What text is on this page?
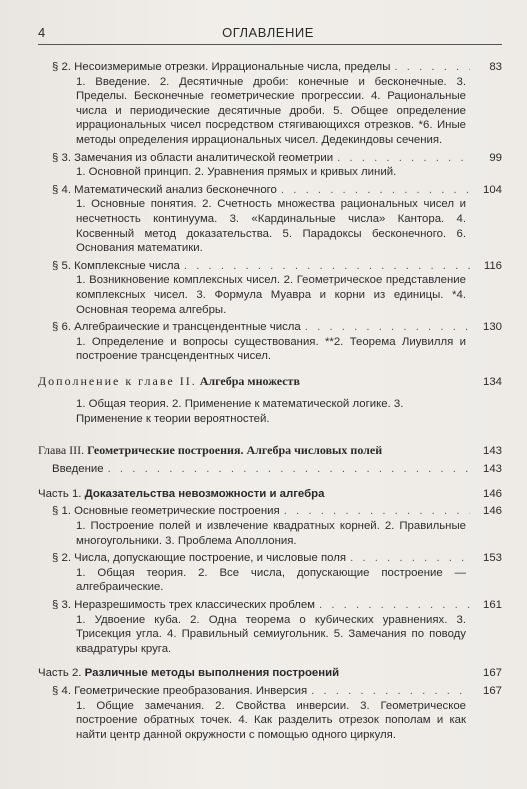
4	ОГЛАВЛЕНИЕ
§ 2. Несоизмеримые отрезки. Иррациональные числа, пределы . . .	83
1. Введение. 2. Десятичные дроби: конечные и бесконечные. 3. Пределы. Бесконечные геометрические прогрессии. 4. Рациональные числа и периодические десятичные дроби. 5. Общее определение иррациональных чисел посредством стягивающихся отрезков. *6. Иные методы определения иррациональных чисел. Дедекиндовы сечения.
§ 3. Замечания из области аналитической геометрии . . .	99
1. Основной принцип. 2. Уравнения прямых и кривых линий.
§ 4. Математический анализ бесконечного . . .	104
1. Основные понятия. 2. Счетность множества рациональных чисел и несчетность континуума. 3. «Кардинальные числа» Кантора. 4. Косвенный метод доказательства. 5. Парадоксы бесконечного. 6. Основания математики.
§ 5. Комплексные числа . . .	116
1. Возникновение комплексных чисел. 2. Геометрическое представление комплексных чисел. 3. Формула Муавра и корни из единицы. *4. Основная теорема алгебры.
§ 6. Алгебраические и трансцендентные числа . . .	130
1. Определение и вопросы существования. **2. Теорема Лиувилля и построение трансцендентных чисел.
Дополнение к главе II. Алгебра множеств	134
1. Общая теория. 2. Применение к математической логике. 3. Применение к теории вероятностей.
Глава III. Геометрические построения. Алгебра числовых полей	143
Введение . . .	143
Часть 1. Доказательства невозможности и алгебра	146
§ 1. Основные геометрические построения . . .	146
1. Построение полей и извлечение квадратных корней. 2. Правильные многоугольники. 3. Проблема Аполлония.
§ 2. Числа, допускающие построение, и числовые поля . . .	153
1. Общая теория. 2. Все числа, допускающие построение — алгебраические.
§ 3. Неразрешимость трех классических проблем . . .	161
1. Удвоение куба. 2. Одна теорема о кубических уравнениях. 3. Трисекция угла. 4. Правильный семиугольник. 5. Замечания по поводу квадратуры круга.
Часть 2. Различные методы выполнения построений	167
§ 4. Геометрические преобразования. Инверсия . . .	167
1. Общие замечания. 2. Свойства инверсии. 3. Геометрическое построение обратных точек. 4. Как разделить отрезок пополам и как найти центр данной окружности с помощью одного циркуля.
